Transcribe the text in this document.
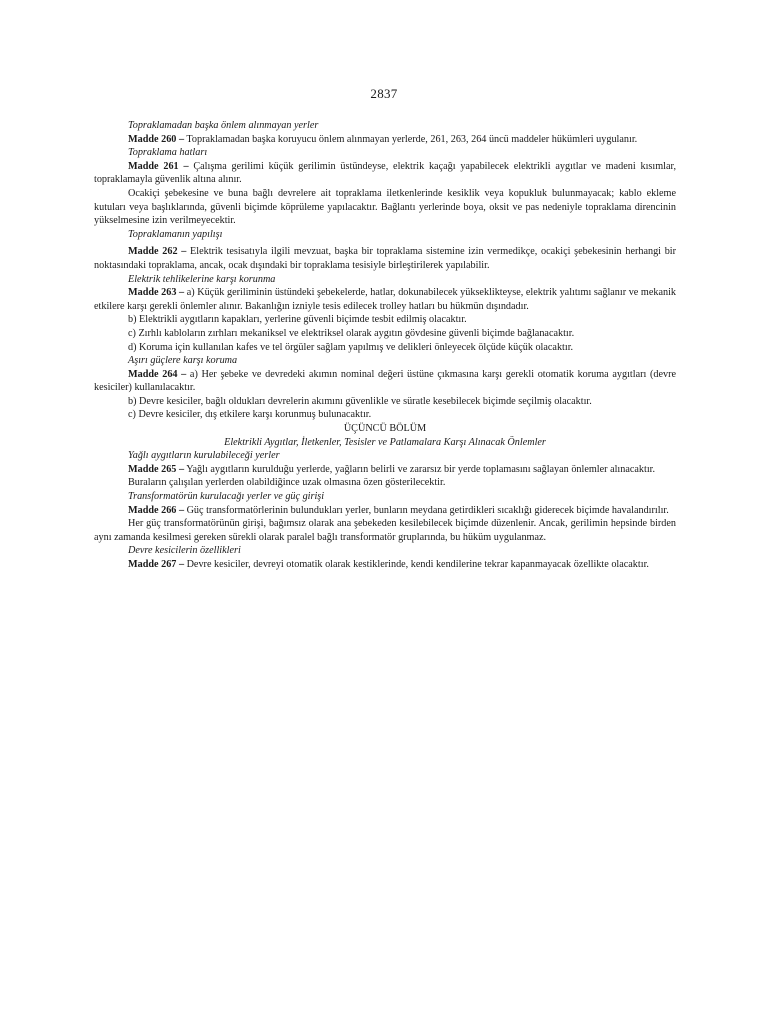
2837

Topraklamadan başka önlem alınmayan yerler

Madde 260 – Topraklamadan başka koruyucu önlem alınmayan yerlerde, 261, 263, 264 üncü maddeler hükümleri uygulanır.

Topraklama hatları

Madde 261 – Çalışma gerilimi küçük gerilimin üstündeyse, elektrik kaçağı yapabilecek elektrikli aygıtlar ve madeni kısımlar, topraklamayla güvenlik altına alınır.

Ocakiçi şebekesine ve buna bağlı devrelere ait topraklama iletkenlerinde kesiklik veya kopukluk bulunmayacak; kablo ekleme kutuları veya başlıklarında, güvenli biçimde köprüleme yapılacaktır. Bağlantı yerlerinde boya, oksit ve pas nedeniyle topraklama direncinin yükselmesine izin verilmeyecektir.

Topraklamanın yapılışı

Madde 262 – Elektrik tesisatıyla ilgili mevzuat, başka bir topraklama sistemine izin vermedikçe, ocakiçi şebekesinin herhangi bir noktasındaki topraklama, ancak, ocak dışındaki bir topraklama tesisiyle birleştirilerek yapılabilir.

Elektrik tehlikelerine karşı korunma

Madde 263 – a) Küçük geriliminin üstündeki şebekelerde, hatlar, dokunabilecek yükseklikteyse, elektrik yalıtımı sağlanır ve mekanik etkilere karşı gerekli önlemler alınır. Bakanlığın izniyle tesis edilecek trolley hatları bu hükmün dışındadır.

b) Elektrikli aygıtların kapakları, yerlerine güvenli biçimde tesbit edilmiş olacaktır.

c) Zırhlı kabloların zırhları mekaniksel ve elektriksel olarak aygıtın gövdesine güvenli biçimde bağlanacaktır.

d) Koruma için kullanılan kafes ve tel örgüler sağlam yapılmış ve delikleri önleyecek ölçüde küçük olacaktır.

Aşırı güçlere karşı koruma

Madde 264 – a) Her şebeke ve devredeki akımın nominal değeri üstüne çıkmasına karşı gerekli otomatik koruma aygıtları (devre kesiciler) kullanılacaktır.

b) Devre kesiciler, bağlı oldukları devrelerin akımını güvenlikle ve süratle kesebilecek biçimde seçilmiş olacaktır.

c) Devre kesiciler, dış etkilere karşı korunmuş bulunacaktır.

ÜÇÜNCÜ BÖLÜM

Elektrikli Aygıtlar, İletkenler, Tesisler ve Patlamalara Karşı Alınacak Önlemler

Yağlı aygıtların kurulabileceği yerler

Madde 265 – Yağlı aygıtların kurulduğu yerlerde, yağların belirli ve zararsız bir yerde toplamasını sağlayan önlemler alınacaktır.

Buraların çalışılan yerlerden olabildiğince uzak olmasına özen gösterilecektir.

Transformatörün kurulacağı yerler ve güç girişi

Madde 266 – Güç transformatörlerinin bulundukları yerler, bunların meydana getirdikleri sıcaklığı giderecek biçimde havalandırılır.

Her güç transformatörünün girişi, bağımsız olarak ana şebekeden kesilebilecek biçimde düzenlenir. Ancak, gerilimin hepsinde birden aynı zamanda kesilmesi gereken sürekli olarak paralel bağlı transformatör gruplarında, bu hüküm uygulanmaz.

Devre kesicilerin özellikleri

Madde 267 – Devre kesiciler, devreyi otomatik olarak kestiklerinde, kendi kendilerine tekrar kapanmayacak özellikte olacaktır.
